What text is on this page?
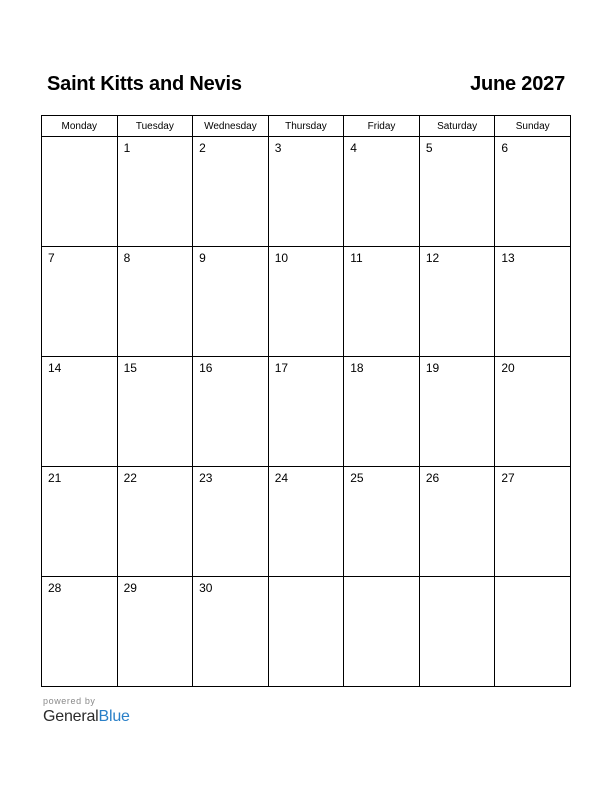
Saint Kitts and Nevis	June 2027
Monday	Tuesday	Wednesday	Thursday	Friday	Saturday	Sunday

	1	2	3	4	5	6

7	8	9	10	11	12	13

14	15	16	17	18	19	20

21	22	23	24	25	26	27

28	29	30				

powered by
GeneralBlue
